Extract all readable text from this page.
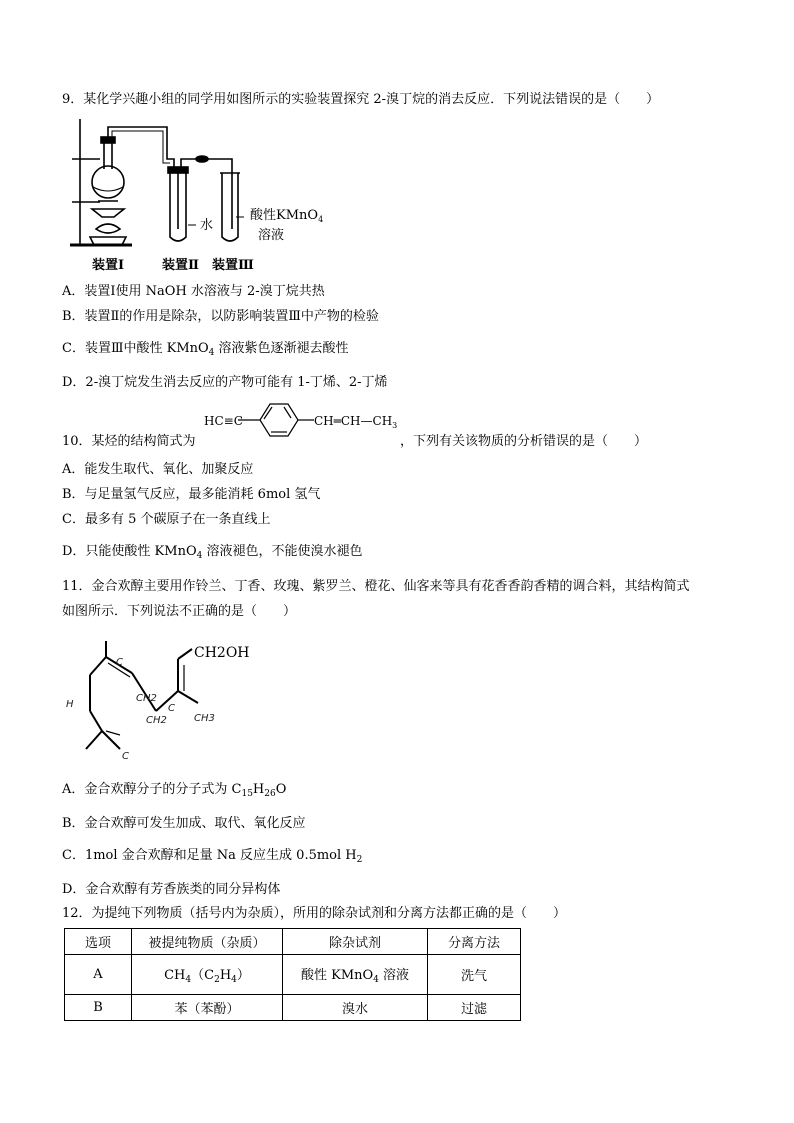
9．某化学兴趣小组的同学用如图所示的实验装置探究 2-溴丁烷的消去反应．下列说法错误的是（　　）
水
酸性KMnO$_4$
溶液
装置Ⅰ	装置Ⅱ 装置Ⅲ
A．装置Ⅰ使用 NaOH 水溶液与 2-溴丁烷共热
B．装置Ⅱ的作用是除杂，以防影响装置Ⅲ中产物的检验
C．装置Ⅲ中酸性 KMnO$_4$ 溶液紫色逐渐褪去酸性
D．2-溴丁烷发生消去反应的产物可能有 1-丁烯、2-丁烯
HC≡C	$CH═CH—CH_3$
10．某烃的结构简式为	，下列有关该物质的分析错误的是（　　）
A．能发生取代、氧化、加聚反应
B．与足量氢气反应，最多能消耗 6mol 氢气
C．最多有 5 个碳原子在一条直线上
D．只能使酸性 KMnO$_4$ 溶液褪色，不能使溴水褪色
11．金合欢醇主要用作铃兰、丁香、玫瑰、紫罗兰、橙花、仙客来等具有花香香韵香精的调合料，其结构简式
如图所示．下列说法不正确的是（　　）
CH2OH
C
CH2
CH2
C
CH3
H
C
A．金合欢醇分子的分子式为 $C_{15}H_{26}O$
B．金合欢醇可发生加成、取代、氧化反应
C．1mol 金合欢醇和足量 Na 反应生成 0.5mol $H_2$
D．金合欢醇有芳香族类的同分异构体
12．为提纯下列物质（括号内为杂质），所用的除杂试剂和分离方法都正确的是（　　）
选项	被提纯物质（杂质）	除杂试剂	分离方法
A	$CH_4(C_2H_4)$	酸性 KMnO$_4$ 溶液	洗气
B	苯（苯酚）	溴水	过滤
